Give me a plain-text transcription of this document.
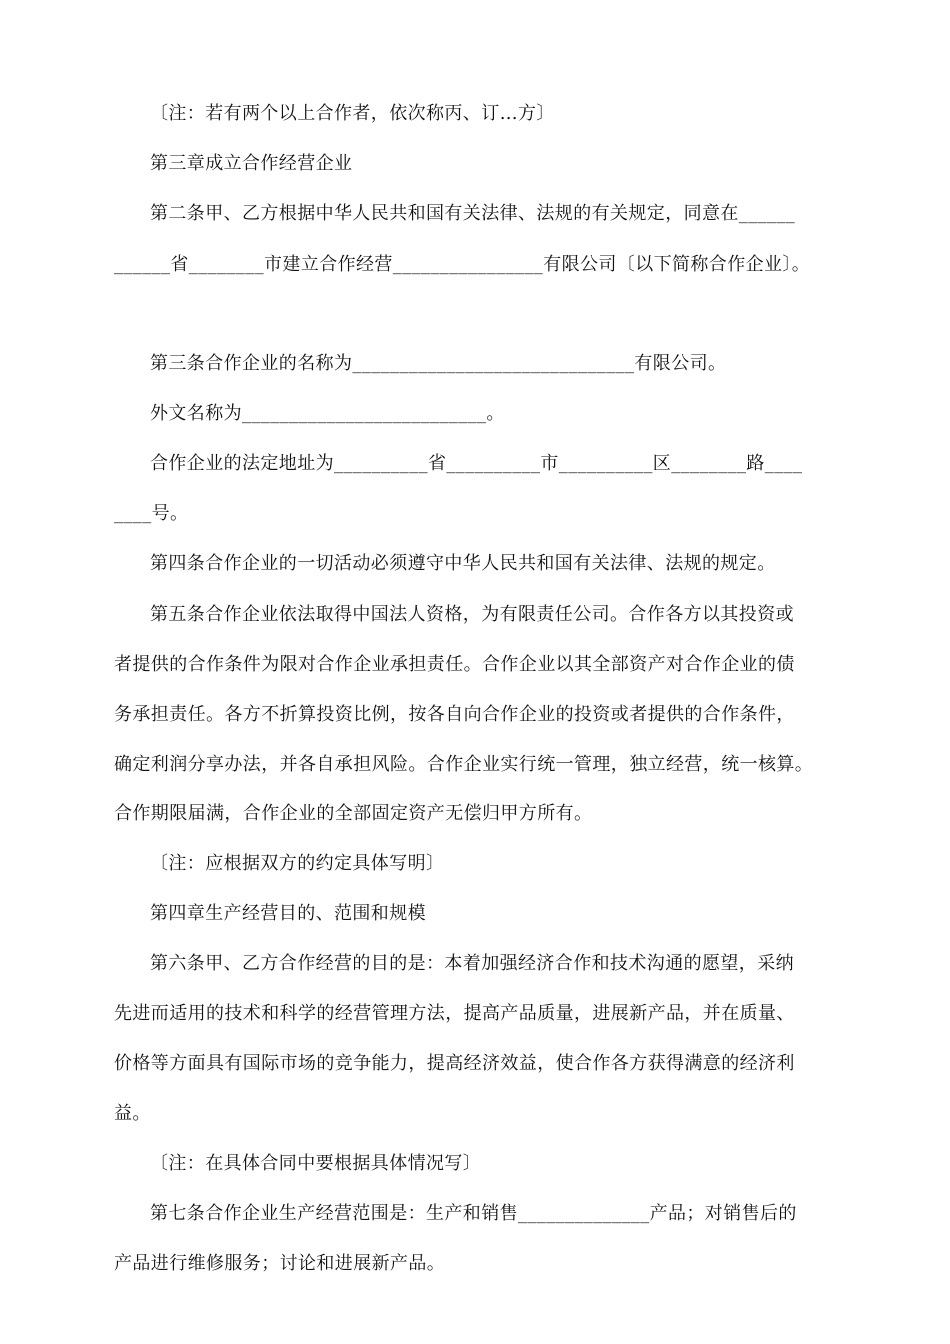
〔注：若有两个以上合作者，依次称丙、订…方〕
第三章成立合作经营企业
第二条甲、乙方根据中华人民共和国有关法律、法规的有关规定，同意在______
______省________市建立合作经营________________有限公司〔以下简称合作企业〕。
第三条合作企业的名称为______________________________有限公司。
外文名称为__________________________。
合作企业的法定地址为__________省__________市__________区________路____
____号。
第四条合作企业的一切活动必须遵守中华人民共和国有关法律、法规的规定。
第五条合作企业依法取得中国法人资格，为有限责任公司。合作各方以其投资或
者提供的合作条件为限对合作企业承担责任。合作企业以其全部资产对合作企业的债
务承担责任。各方不折算投资比例，按各自向合作企业的投资或者提供的合作条件，
确定利润分享办法，并各自承担风险。合作企业实行统一管理，独立经营，统一核算。
合作期限届满，合作企业的全部固定资产无偿归甲方所有。
〔注：应根据双方的约定具体写明〕
第四章生产经营目的、范围和规模
第六条甲、乙方合作经营的目的是：本着加强经济合作和技术沟通的愿望，采纳
先进而适用的技术和科学的经营管理方法，提高产品质量，进展新产品，并在质量、
价格等方面具有国际市场的竞争能力，提高经济效益，使合作各方获得满意的经济利
益。
〔注：在具体合同中要根据具体情况写〕
第七条合作企业生产经营范围是：生产和销售______________产品；对销售后的
产品进行维修服务；讨论和进展新产品。
